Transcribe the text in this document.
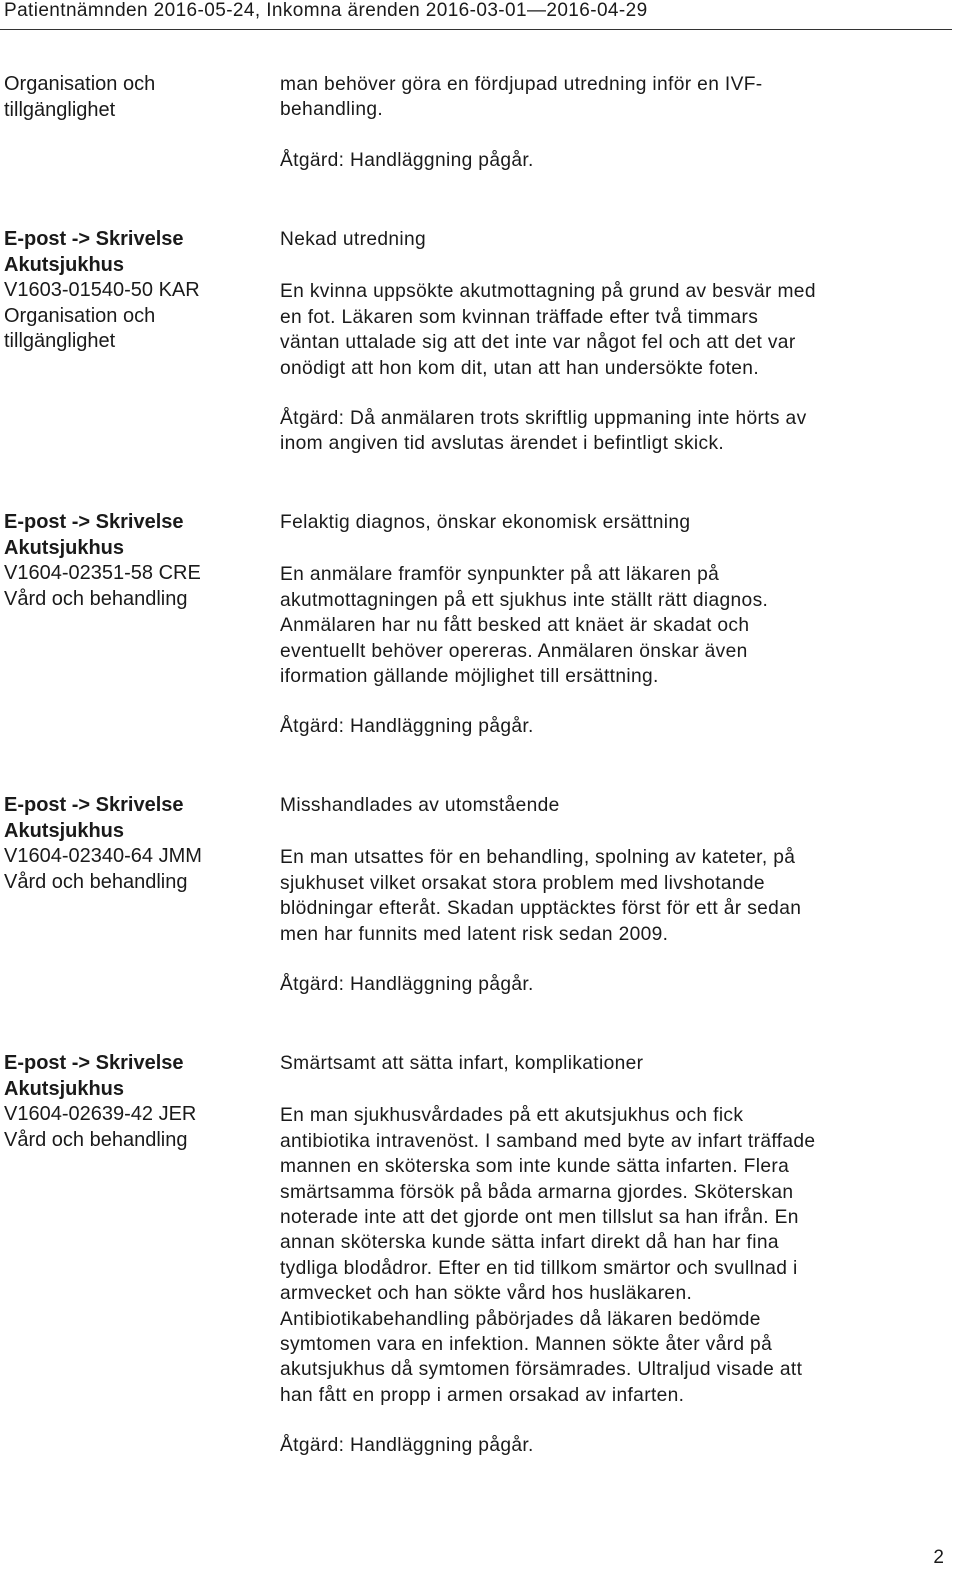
Patientnämnden 2016-05-24, Inkomna ärenden 2016-03-01—2016-04-29
Organisation och
tillgänglighet
man behöver göra en fördjupad utredning inför en IVF-
behandling.
Åtgärd: Handläggning pågår.
E-post -> Skrivelse
Akutsjukhus
V1603-01540-50 KAR
Organisation och
tillgänglighet
Nekad utredning
En kvinna uppsökte akutmottagning på grund av besvär med
en fot. Läkaren som kvinnan träffade efter två timmars
väntan uttalade sig att det inte var något fel och att det var
onödigt att hon kom dit, utan att han undersökte foten.
Åtgärd: Då anmälaren trots skriftlig uppmaning inte hörts av
inom angiven tid avslutas ärendet i befintligt skick.
E-post -> Skrivelse
Akutsjukhus
V1604-02351-58 CRE
Vård och behandling
Felaktig diagnos, önskar ekonomisk ersättning
En anmälare framför synpunkter på att läkaren på
akutmottagningen på ett sjukhus inte ställt rätt diagnos.
Anmälaren har nu fått besked att knäet är skadat och
eventuellt behöver opereras. Anmälaren önskar även
iformation gällande möjlighet till ersättning.
Åtgärd: Handläggning pågår.
E-post -> Skrivelse
Akutsjukhus
V1604-02340-64 JMM
Vård och behandling
Misshandlades av utomstående
En man utsattes för en behandling, spolning av kateter, på
sjukhuset vilket orsakat stora problem med livshotande
blödningar efteråt. Skadan upptäcktes först för ett år sedan
men har funnits med latent risk sedan 2009.
Åtgärd: Handläggning pågår.
E-post -> Skrivelse
Akutsjukhus
V1604-02639-42 JER
Vård och behandling
Smärtsamt att sätta infart, komplikationer
En man sjukhusvårdades på ett akutsjukhus och fick
antibiotika intravenöst. I samband med byte av infart träffade
mannen en sköterska som inte kunde sätta infarten. Flera
smärtsamma försök på båda armarna gjordes. Sköterskan
noterade inte att det gjorde ont men tillslut sa han ifrån. En
annan sköterska kunde sätta infart direkt då han har fina
tydliga blodådror. Efter en tid tillkom smärtor och svullnad i
armvecket och han sökte vård hos husläkaren.
Antibiotikabehandling påbörjades då läkaren bedömde
symtomen vara en infektion. Mannen sökte åter vård på
akutsjukhus då symtomen försämrades. Ultraljud visade att
han fått en propp i armen orsakad av infarten.
Åtgärd: Handläggning pågår.
2
